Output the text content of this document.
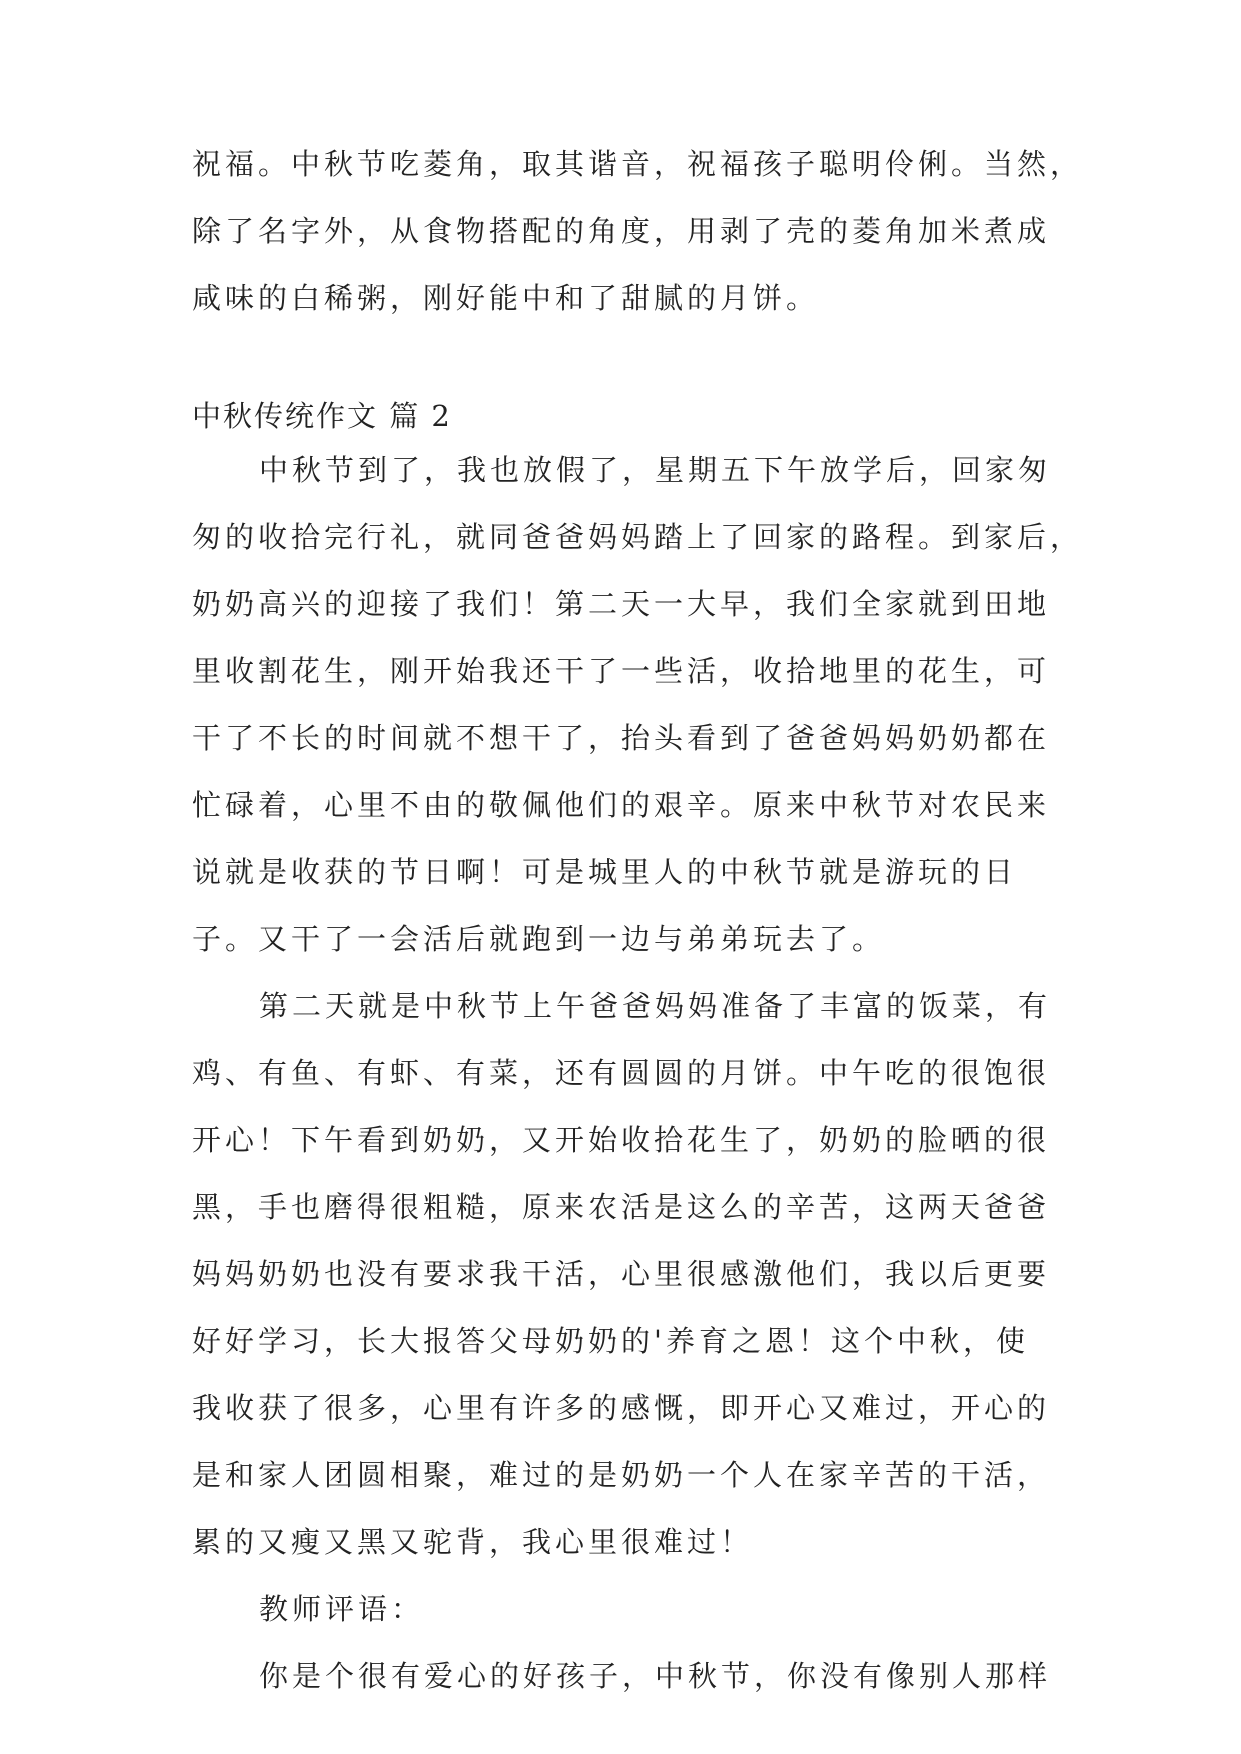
祝福。中秋节吃菱角，取其谐音，祝福孩子聪明伶俐。当然，
除了名字外，从食物搭配的角度，用剥了壳的菱角加米煮成
咸味的白稀粥，刚好能中和了甜腻的月饼。
中秋传统作文 篇 2
中秋节到了，我也放假了，星期五下午放学后，回家匆
匆的收拾完行礼，就同爸爸妈妈踏上了回家的路程。到家后，
奶奶高兴的迎接了我们！第二天一大早，我们全家就到田地
里收割花生，刚开始我还干了一些活，收拾地里的花生，可
干了不长的时间就不想干了，抬头看到了爸爸妈妈奶奶都在
忙碌着，心里不由的敬佩他们的艰辛。原来中秋节对农民来
说就是收获的节日啊！可是城里人的中秋节就是游玩的日
子。又干了一会活后就跑到一边与弟弟玩去了。
第二天就是中秋节上午爸爸妈妈准备了丰富的饭菜，有
鸡、有鱼、有虾、有菜，还有圆圆的月饼。中午吃的很饱很
开心！下午看到奶奶，又开始收拾花生了，奶奶的脸晒的很
黑，手也磨得很粗糙，原来农活是这么的辛苦，这两天爸爸
妈妈奶奶也没有要求我干活，心里很感激他们，我以后更要
好好学习，长大报答父母奶奶的'养育之恩！这个中秋，使
我收获了很多，心里有许多的感慨，即开心又难过，开心的
是和家人团圆相聚，难过的是奶奶一个人在家辛苦的干活，
累的又瘦又黑又驼背，我心里很难过！
教师评语：
你是个很有爱心的好孩子，中秋节，你没有像别人那样
